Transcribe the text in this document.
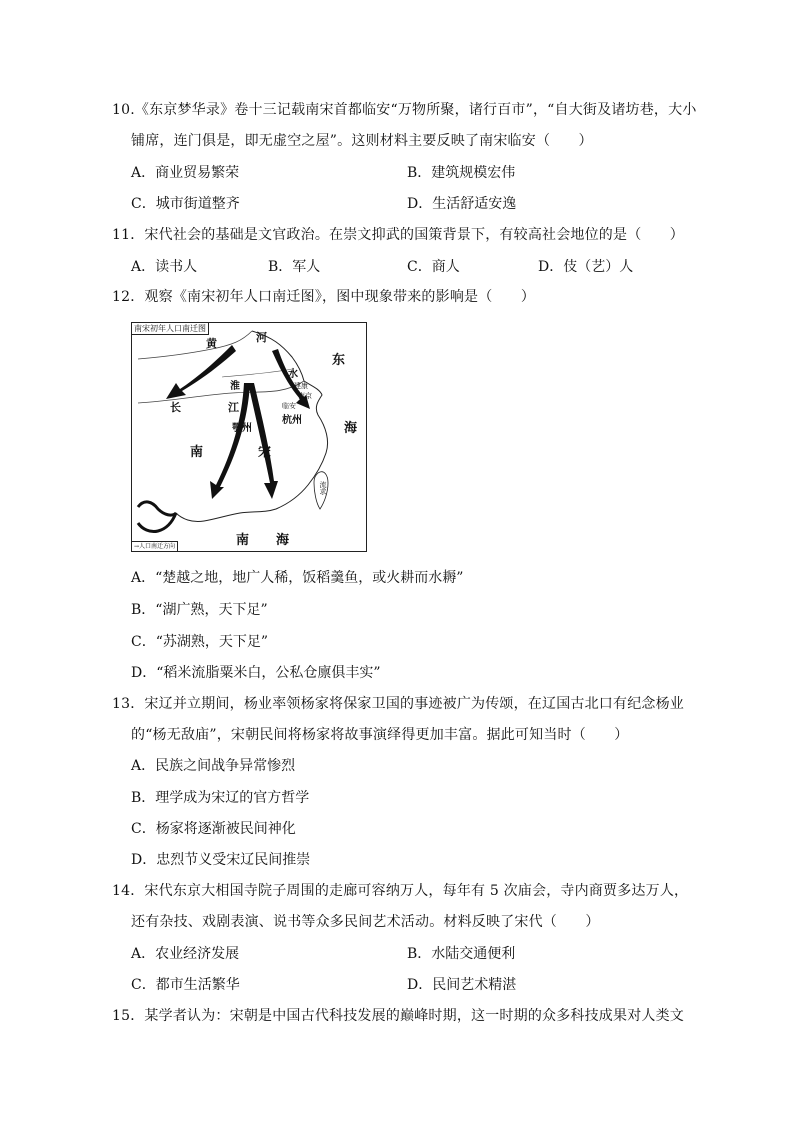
10.《东京梦华录》卷十三记载南宋首都临安“万物所聚，诸行百市”，“自大街及诸坊巷，大小
铺席，连门俱是，即无虚空之屋”。这则材料主要反映了南宋临安（　　）
A．商业贸易繁荣	B．建筑规模宏伟
C．城市街道整齐	D．生活舒适安逸
11．宋代社会的基础是文官政治。在崇文抑武的国策背景下，有较高社会地位的是（　　）
A．读书人	B．军人	C．商人	D．伎（艺）人
12．观察《南宋初年人口南迁图》，图中现象带来的影响是（　　）
南宋初年人口南迁图
黄	河
东
海
长	江
淮
水
南	宋
鄂州
杭州
建康
南京
临安
南 海
流求
→人口南迁方向
A．“楚越之地，地广人稀，饭稻羹鱼，或火耕而水耨”
B．“湖广熟，天下足”
C．“苏湖熟，天下足”
D．“稻米流脂粟米白，公私仓廪俱丰实”
13．宋辽并立期间，杨业率领杨家将保家卫国的事迹被广为传颂，在辽国古北口有纪念杨业
的“杨无敌庙”，宋朝民间将杨家将故事演绎得更加丰富。据此可知当时（　　）
A．民族之间战争异常惨烈
B．理学成为宋辽的官方哲学
C．杨家将逐渐被民间神化
D．忠烈节义受宋辽民间推崇
14．宋代东京大相国寺院子周围的走廊可容纳万人，每年有 5 次庙会，寺内商贾多达万人，
还有杂技、戏剧表演、说书等众多民间艺术活动。材料反映了宋代（　　）
A．农业经济发展	B．水陆交通便利
C．都市生活繁华	D．民间艺术精湛
15．某学者认为：宋朝是中国古代科技发展的巅峰时期，这一时期的众多科技成果对人类文
